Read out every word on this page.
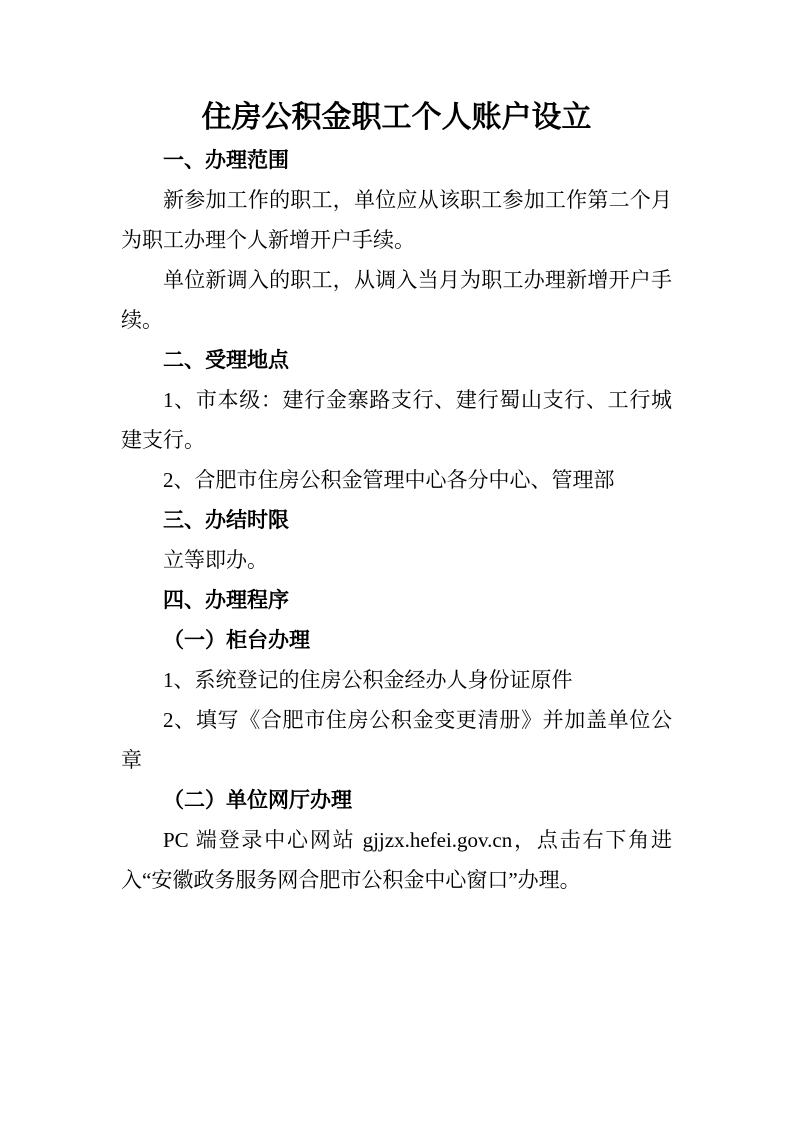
住房公积金职工个人账户设立

一、办理范围

新参加工作的职工，单位应从该职工参加工作第二个月为职工办理个人新增开户手续。

单位新调入的职工，从调入当月为职工办理新增开户手续。

二、受理地点

1、市本级：建行金寨路支行、建行蜀山支行、工行城建支行。

2、合肥市住房公积金管理中心各分中心、管理部

三、办结时限

立等即办。

四、办理程序

（一）柜台办理

1、系统登记的住房公积金经办人身份证原件

2、填写《合肥市住房公积金变更清册》并加盖单位公章

（二）单位网厅办理

PC 端登录中心网站 gjjzx.hefei.gov.cn，点击右下角进入“安徽政务服务网合肥市公积金中心窗口”办理。
